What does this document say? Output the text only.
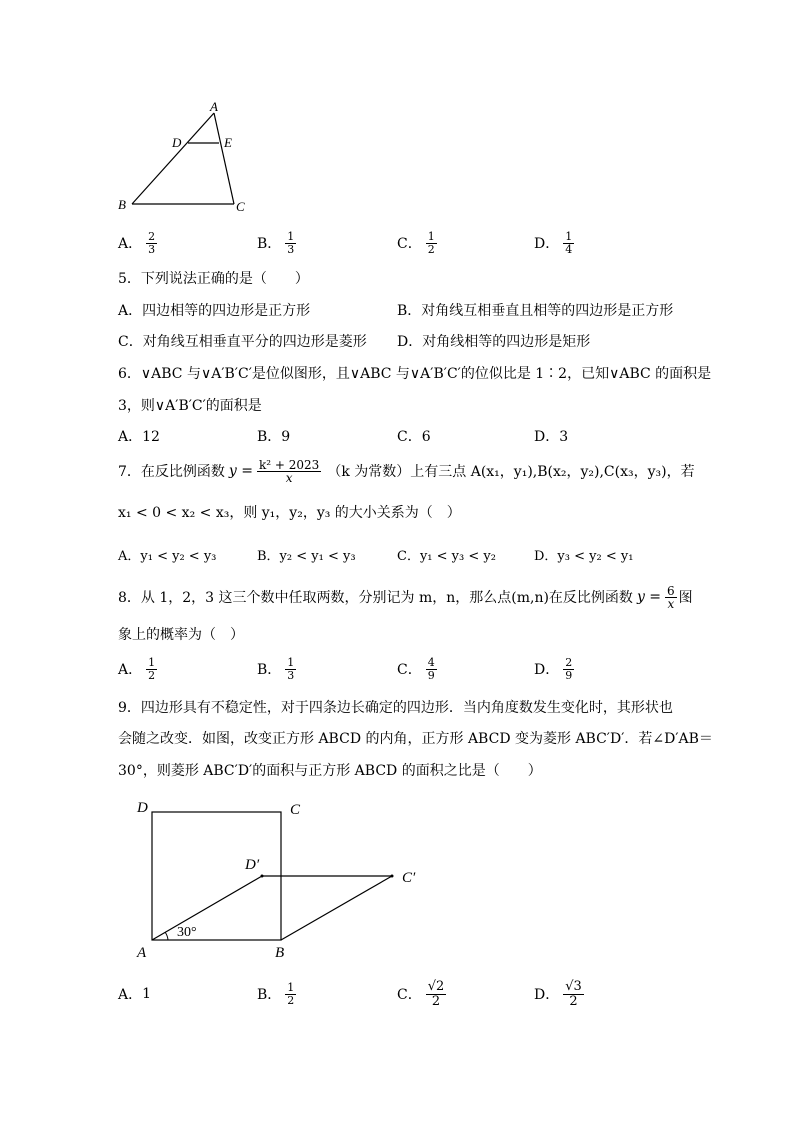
A
D	E
B	C
A． $\frac{2}{3}$	B． $\frac{1}{3}$	C． $\frac{1}{2}$	D． $\frac{1}{4}$
5．下列说法正确的是（　　）
A．四边相等的四边形是正方形	B．对角线互相垂直且相等的四边形是正方形
C．对角线互相垂直平分的四边形是菱形 D．对角线相等的四边形是矩形
6．∨ABC 与∨A′B′C′是位似图形，且∨ABC 与∨A′B′C′的位似比是 1∶2，已知∨ABC 的面积是
3，则∨A′B′C′的面积是
A．12	B．9	C．6	D．3
7．在反比例函数 $y = \frac{\text{k² + 2023}}{x} (k$ 为常数）上有三点 A(x₁，y₁),B(x₂，y₂),C(x₃，y₃)，若
x₁ < 0 < x₂ < x₃，则 y₁，y₂，y₃ 的大小关系为（　）
A．y₁ < y₂ < y₃	B．y₂ < y₁ < y₃	C．y₁ < y₃ < y₂	D．y₃ < y₂ < y₁
8．从 1，2，3 这三个数中任取两数，分别记为 m，n，那么点(m,n)在反比例函数 $y = \frac{6}{x}$ 图
象上的概率为（　）
A． $\frac{1}{2}$	B． $\frac{1}{3}$	C． $\frac{4}{9}$	D． $\frac{2}{9}$
9．四边形具有不稳定性，对于四条边长确定的四边形．当内角度数发生变化时，其形状也
会随之改变．如图，改变正方形 ABCD 的内角，正方形 ABCD 变为菱形 ABC′D′．若∠D′AB＝
30°，则菱形 ABC′D′的面积与正方形 ABCD 的面积之比是（　　）
D	C
D′
C′
A	B
30°
A． 1	B． $\frac{1}{2}$	C． $\frac{√2}{2}$	D． $\frac{√3}{2}$
